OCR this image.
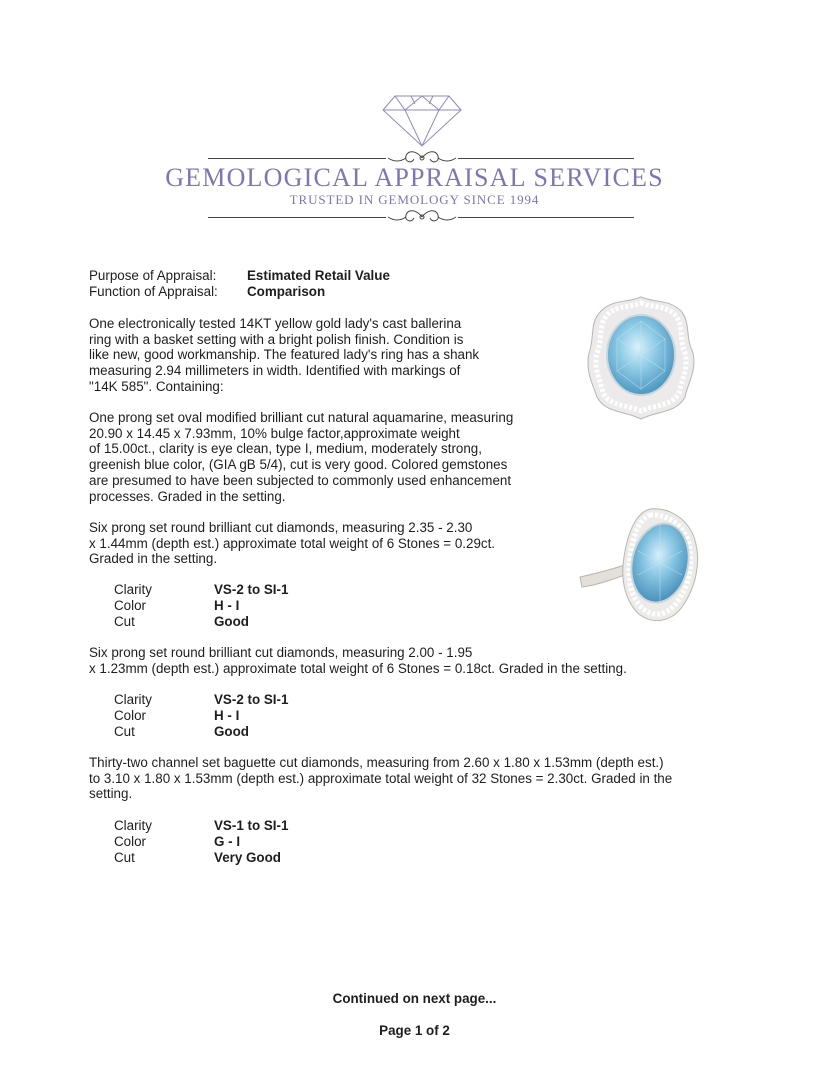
GEMOLOGICAL APPRAISAL SERVICES
TRUSTED IN GEMOLOGY SINCE 1994
Purpose of Appraisal: Estimated Retail Value
Function of Appraisal: Comparison
One electronically tested 14KT yellow gold lady's cast ballerina
ring with a basket setting with a bright polish finish. Condition is
like new, good workmanship. The featured lady's ring has a shank
measuring 2.94 millimeters in width. Identified with markings of
"14K 585". Containing:
One prong set oval modified brilliant cut natural aquamarine, measuring
20.90 x 14.45 x 7.93mm, 10% bulge factor,approximate weight
of 15.00ct., clarity is eye clean, type I, medium, moderately strong,
greenish blue color, (GIA gB 5/4), cut is very good. Colored gemstones
are presumed to have been subjected to commonly used enhancement
processes. Graded in the setting.
Six prong set round brilliant cut diamonds, measuring 2.35 - 2.30
x 1.44mm (depth est.) approximate total weight of 6 Stones = 0.29ct.
Graded in the setting.
Clarity	VS-2 to SI-1
Color	H - I
Cut	Good
Six prong set round brilliant cut diamonds, measuring 2.00 - 1.95
x 1.23mm (depth est.) approximate total weight of 6 Stones = 0.18ct. Graded in the setting.
Clarity	VS-2 to SI-1
Color	H - I
Cut	Good
Thirty-two channel set baguette cut diamonds, measuring from 2.60 x 1.80 x 1.53mm (depth est.)
to 3.10 x 1.80 x 1.53mm (depth est.) approximate total weight of 32 Stones = 2.30ct. Graded in the
setting.
Clarity	VS-1 to SI-1
Color	G - I
Cut	Very Good
Continued on next page...
Page 1 of 2
